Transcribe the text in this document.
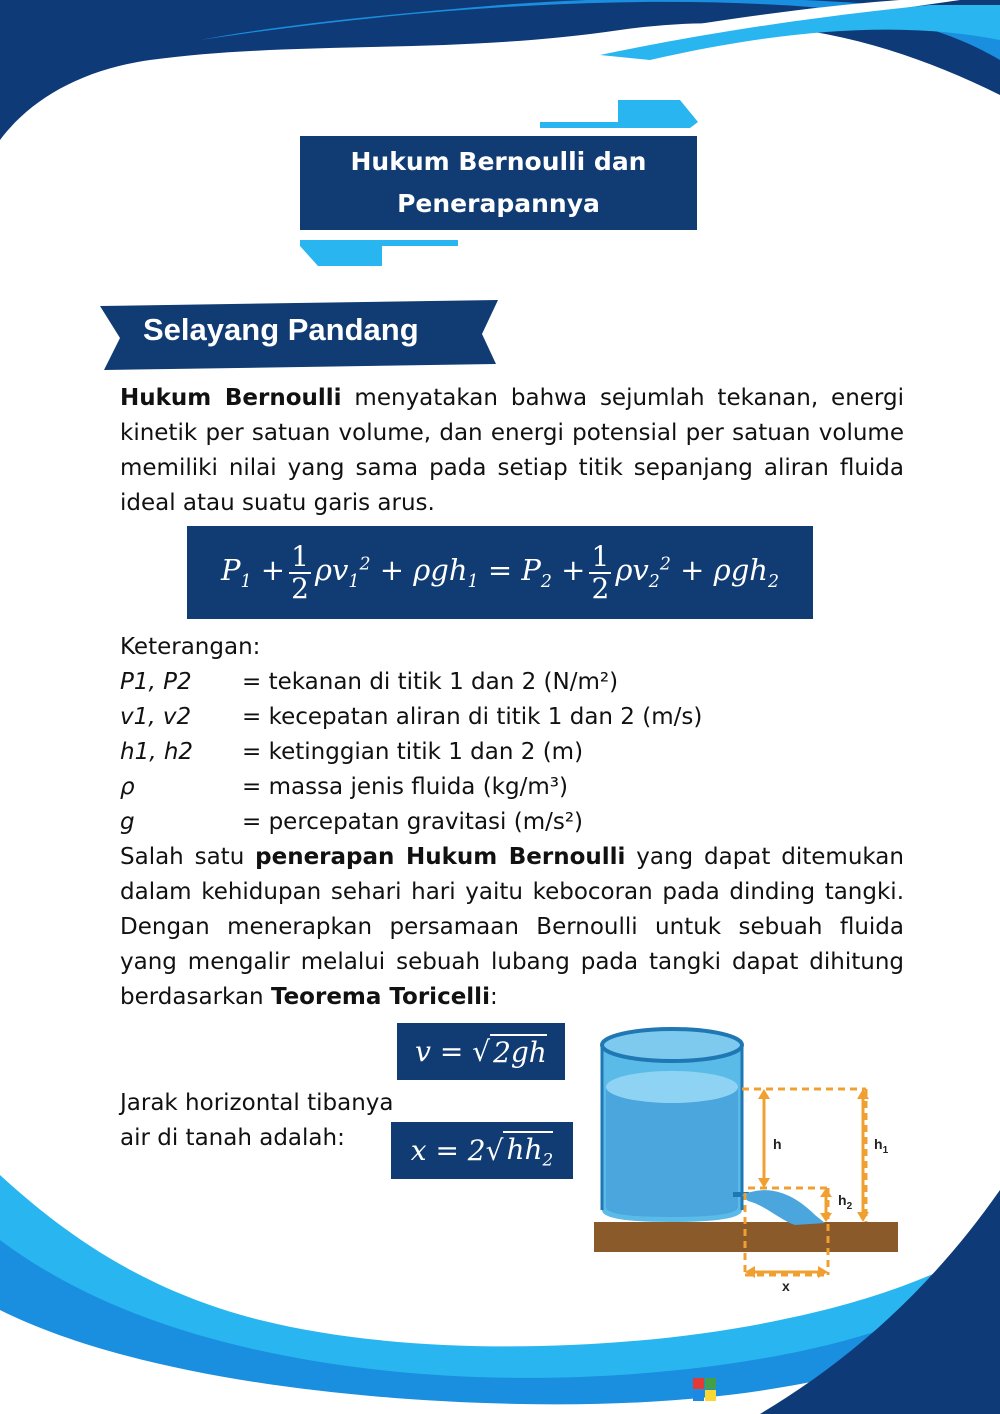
Hukum Bernoulli dan
Penerapannya
Selayang Pandang
Hukum Bernoulli menyatakan bahwa sejumlah tekanan, energi kinetik per satuan volume, dan energi potensial per satuan volume memiliki nilai yang sama pada setiap titik sepanjang aliran fluida ideal atau suatu garis arus.
$P_1 + \frac{1}{2} \rho v_1^2 + \rho gh_1 = P_2 + \frac{1}{2} \rho v_2^2 + \rho gh_2$
Keterangan:
P1, P2	= tekanan di titik 1 dan 2 (N/m²)
v1, v2	= kecepatan aliran di titik 1 dan 2 (m/s)
h1, h2	= ketinggian titik 1 dan 2 (m)
ρ	= massa jenis fluida (kg/m³)
g	= percepatan gravitasi (m/s²)
Salah satu penerapan Hukum Bernoulli yang dapat ditemukan dalam kehidupan sehari hari yaitu kebocoran pada dinding tangki. Dengan menerapkan persamaan Bernoulli untuk sebuah fluida yang mengalir melalui sebuah lubang pada tangki dapat dihitung berdasarkan Teorema Toricelli:
v = √ 2gh
Jarak horizontal tibanya
air di tanah adalah:	x = 2√ $hh_2$
h	$h_1$
$h_2$
x
